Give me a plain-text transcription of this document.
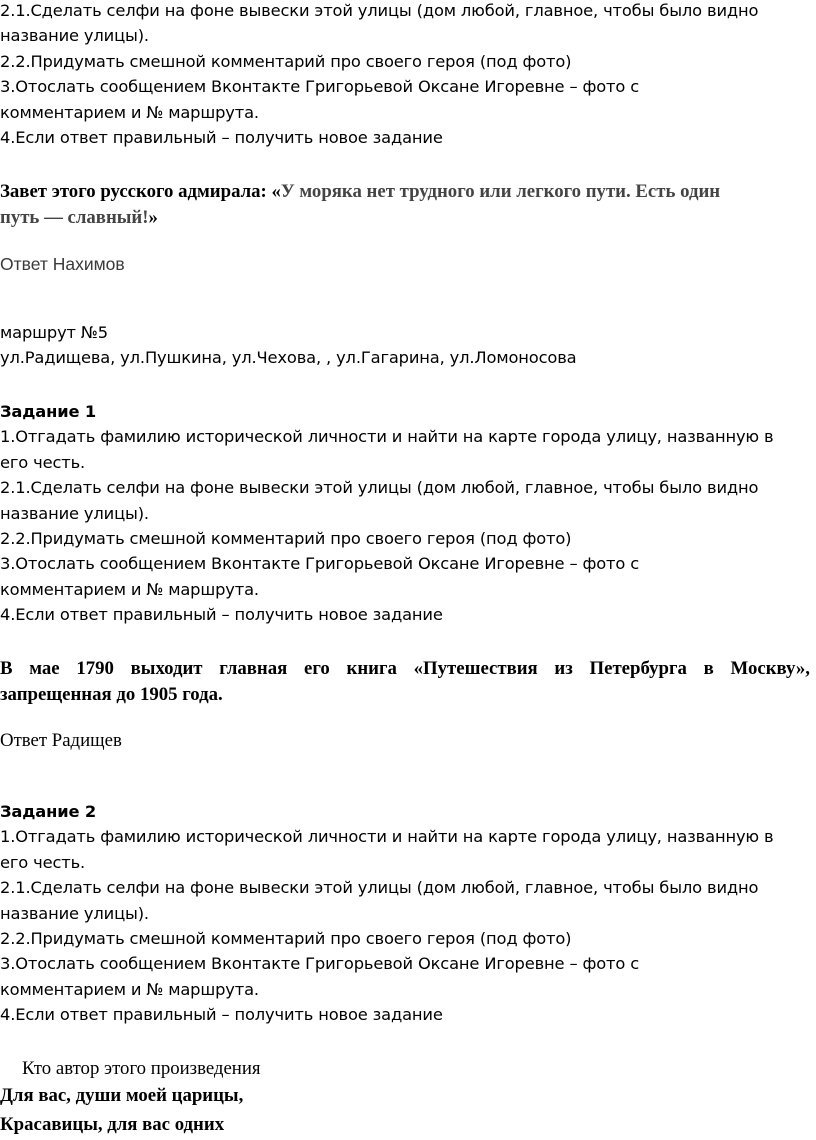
2.1.Сделать селфи на фоне вывески этой улицы (дом любой, главное, чтобы было видно
название улицы).
2.2.Придумать смешной комментарий про своего героя (под фото)
3.Отослать сообщением Вконтакте Григорьевой Оксане Игоревне – фото с
комментарием и № маршрута.
4.Если ответ правильный – получить новое задание
Завет этого русского адмирала: «У моряка нет трудного или легкого пути. Есть один
путь — славный!»
Ответ Нахимов
маршрут №5
ул.Радищева, ул.Пушкина, ул.Чехова, , ул.Гагарина, ул.Ломоносова
Задание 1
1.Отгадать фамилию исторической личности и найти на карте города улицу, названную в
его честь.
2.1.Сделать селфи на фоне вывески этой улицы (дом любой, главное, чтобы было видно
название улицы).
2.2.Придумать смешной комментарий про своего героя (под фото)
3.Отослать сообщением Вконтакте Григорьевой Оксане Игоревне – фото с
комментарием и № маршрута.
4.Если ответ правильный – получить новое задание
В мае 1790 выходит главная его книга «Путешествия из Петербурга в Москву»,
запрещенная до 1905 года.
Ответ Радищев
Задание 2
1.Отгадать фамилию исторической личности и найти на карте города улицу, названную в
его честь.
2.1.Сделать селфи на фоне вывески этой улицы (дом любой, главное, чтобы было видно
название улицы).
2.2.Придумать смешной комментарий про своего героя (под фото)
3.Отослать сообщением Вконтакте Григорьевой Оксане Игоревне – фото с
комментарием и № маршрута.
4.Если ответ правильный – получить новое задание
Кто автор этого произведения
Для вас, души моей царицы,
Красавицы, для вас одних
